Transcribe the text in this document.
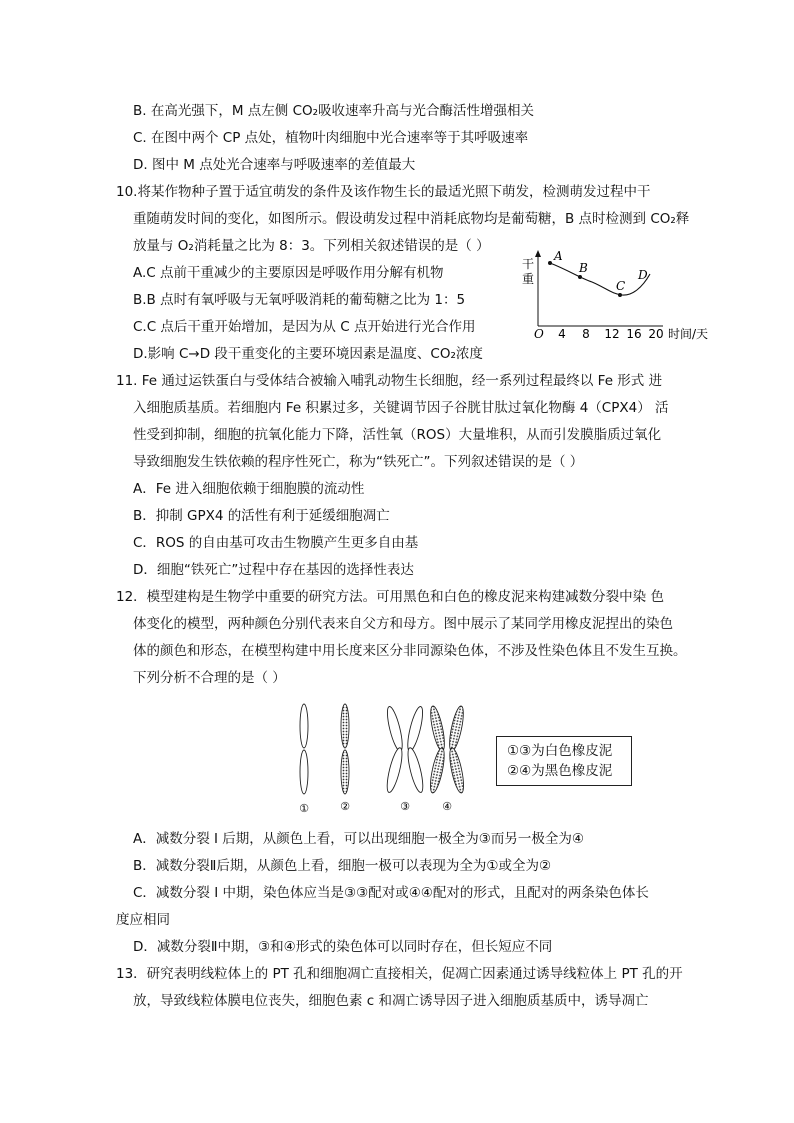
B. 在高光强下，M 点左侧 CO₂吸收速率升高与光合酶活性增强相关
C. 在图中两个 CP 点处，植物叶肉细胞中光合速率等于其呼吸速率
D. 图中 M 点处光合速率与呼吸速率的差值最大
10.将某作物种子置于适宜萌发的条件及该作物生长的最适光照下萌发，检测萌发过程中干
重随萌发时间的变化，如图所示。假设萌发过程中消耗底物均是葡萄糖，B 点时检测到 CO₂释
放量与 O₂消耗量之比为 8：3。下列相关叙述错误的是（ ）
A.C 点前干重减少的主要原因是呼吸作用分解有机物
B.B 点时有氧呼吸与无氧呼吸消耗的葡萄糖之比为 1：5
C.C 点后干重开始增加，是因为从 C 点开始进行光合作用
D.影响 C→D 段干重变化的主要环境因素是温度、CO₂浓度
干
重
O 4 8 12 16 20 时间/天
A
B
C
D
11. Fe 通过运铁蛋白与受体结合被输入哺乳动物生长细胞，经一系列过程最终以 Fe 形式 进
入细胞质基质。若细胞内 Fe 积累过多，关键调节因子谷胱甘肽过氧化物酶 4（CPX4） 活
性受到抑制，细胞的抗氧化能力下降，活性氧（ROS）大量堆积，从而引发膜脂质过氧化
导致细胞发生铁依赖的程序性死亡，称为“铁死亡”。下列叙述错误的是（ ）
A．Fe 进入细胞依赖于细胞膜的流动性
B．抑制 GPX4 的活性有利于延缓细胞凋亡
C．ROS 的自由基可攻击生物膜产生更多自由基
D．细胞“铁死亡”过程中存在基因的选择性表达
12．模型建构是生物学中重要的研究方法。可用黑色和白色的橡皮泥来构建减数分裂中染 色
体变化的模型，两种颜色分别代表来自父方和母方。图中展示了某同学用橡皮泥捏出的染色
体的颜色和形态，在模型构建中用长度来区分非同源染色体，不涉及性染色体且不发生互换。
下列分析不合理的是（ ）
①	②	③	④
①③为白色橡皮泥
②④为黑色橡皮泥
A．减数分裂 I 后期，从颜色上看，可以出现细胞一极全为③而另一极全为④
B．减数分裂Ⅱ后期，从颜色上看，细胞一极可以表现为全为①或全为②
C．减数分裂 I 中期，染色体应当是③③配对或④④配对的形式，且配对的两条染色体长
度应相同
D．减数分裂Ⅱ中期，③和④形式的染色体可以同时存在，但长短应不同
13．研究表明线粒体上的 PT 孔和细胞凋亡直接相关，促凋亡因素通过诱导线粒体上 PT 孔的开
放，导致线粒体膜电位丧失，细胞色素 c 和凋亡诱导因子进入细胞质基质中，诱导凋亡
